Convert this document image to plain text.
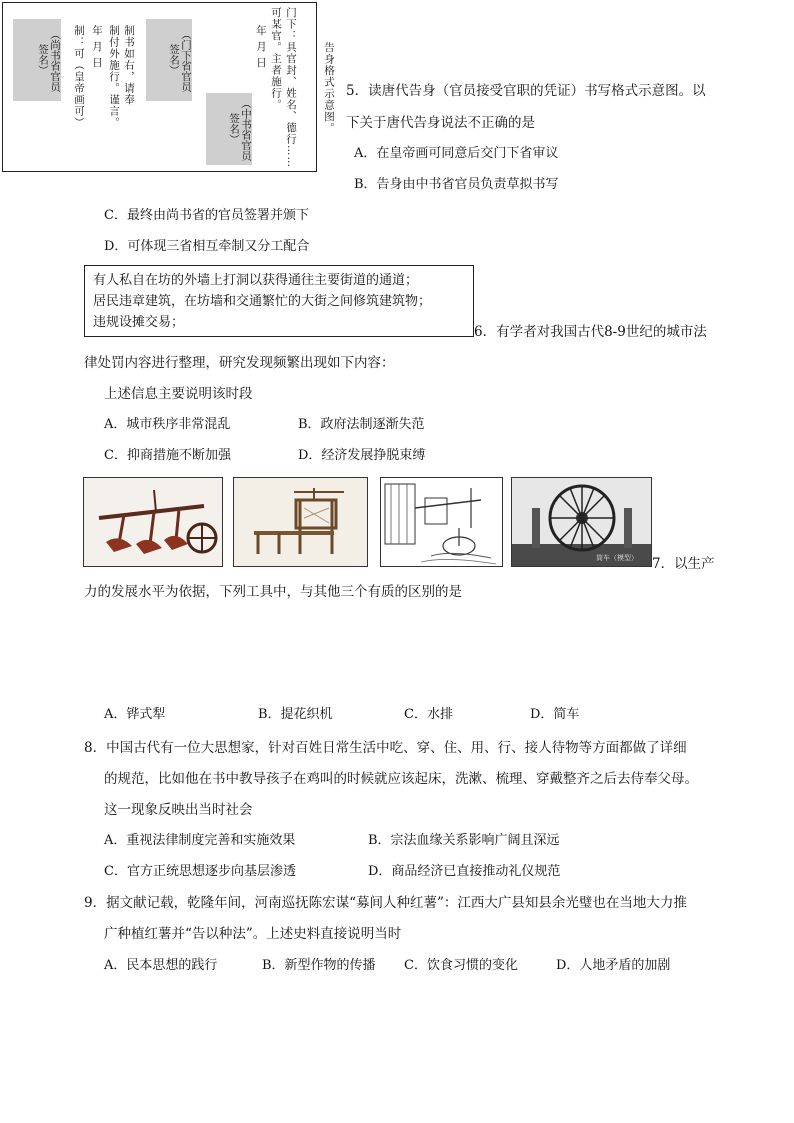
门下：具官封、姓名、德行……
可某官。主者施行。
年 月 日
制书如右，请奉
制付外施行。谨言。
年 月 日
制：可（皇帝画可）
（尚书省官员
签名）	（门下省官员
签名）
（中书省官员
签名）	告身格式示意图。 5．读唐代告身（官员接受官职的凭证）书写格式示意图。以
下关于唐代告身说法不正确的是
A．在皇帝画可同意后交门下省审议
B．告身由中书省官员负责草拟书写
C．最终由尚书省的官员签署并颁下
D．可体现三省相互牵制又分工配合
有人私自在坊的外墙上打洞以获得通往主要街道的通道；
居民违章建筑，在坊墙和交通繁忙的大街之间修筑建筑物；
违规设摊交易；
6．有学者对我国古代8-9世纪的城市法
律处罚内容进行整理，研究发现频繁出现如下内容：
上述信息主要说明该时段
A．城市秩序非常混乱	B．政府法制逐渐失范
C．抑商措施不断加强	D．经济发展挣脱束缚
筒车（模型） 7．以生产
力的发展水平为依据，下列工具中，与其他三个有质的区别的是
A．铧式犁	B．提花织机	C．水排	D．简车
8．中国古代有一位大思想家，针对百姓日常生活中吃、穿、住、用、行、接人待物等方面都做了详细
的规范，比如他在书中教导孩子在鸡叫的时候就应该起床，洗漱、梳理、穿戴整齐之后去侍奉父母。
这一现象反映出当时社会
A．重视法律制度完善和实施效果	B．宗法血缘关系影响广阔且深远
C．官方正统思想逐步向基层渗透	D．商品经济已直接推动礼仪规范
9．据文献记载，乾隆年间，河南巡抚陈宏谋“募间人种红薯”：江西大广县知县余光璧也在当地大力推
广种植红薯并“告以种法”。上述史料直接说明当时
A．民本思想的践行	B．新型作物的传播 C．饮食习惯的变化	D．人地矛盾的加剧
